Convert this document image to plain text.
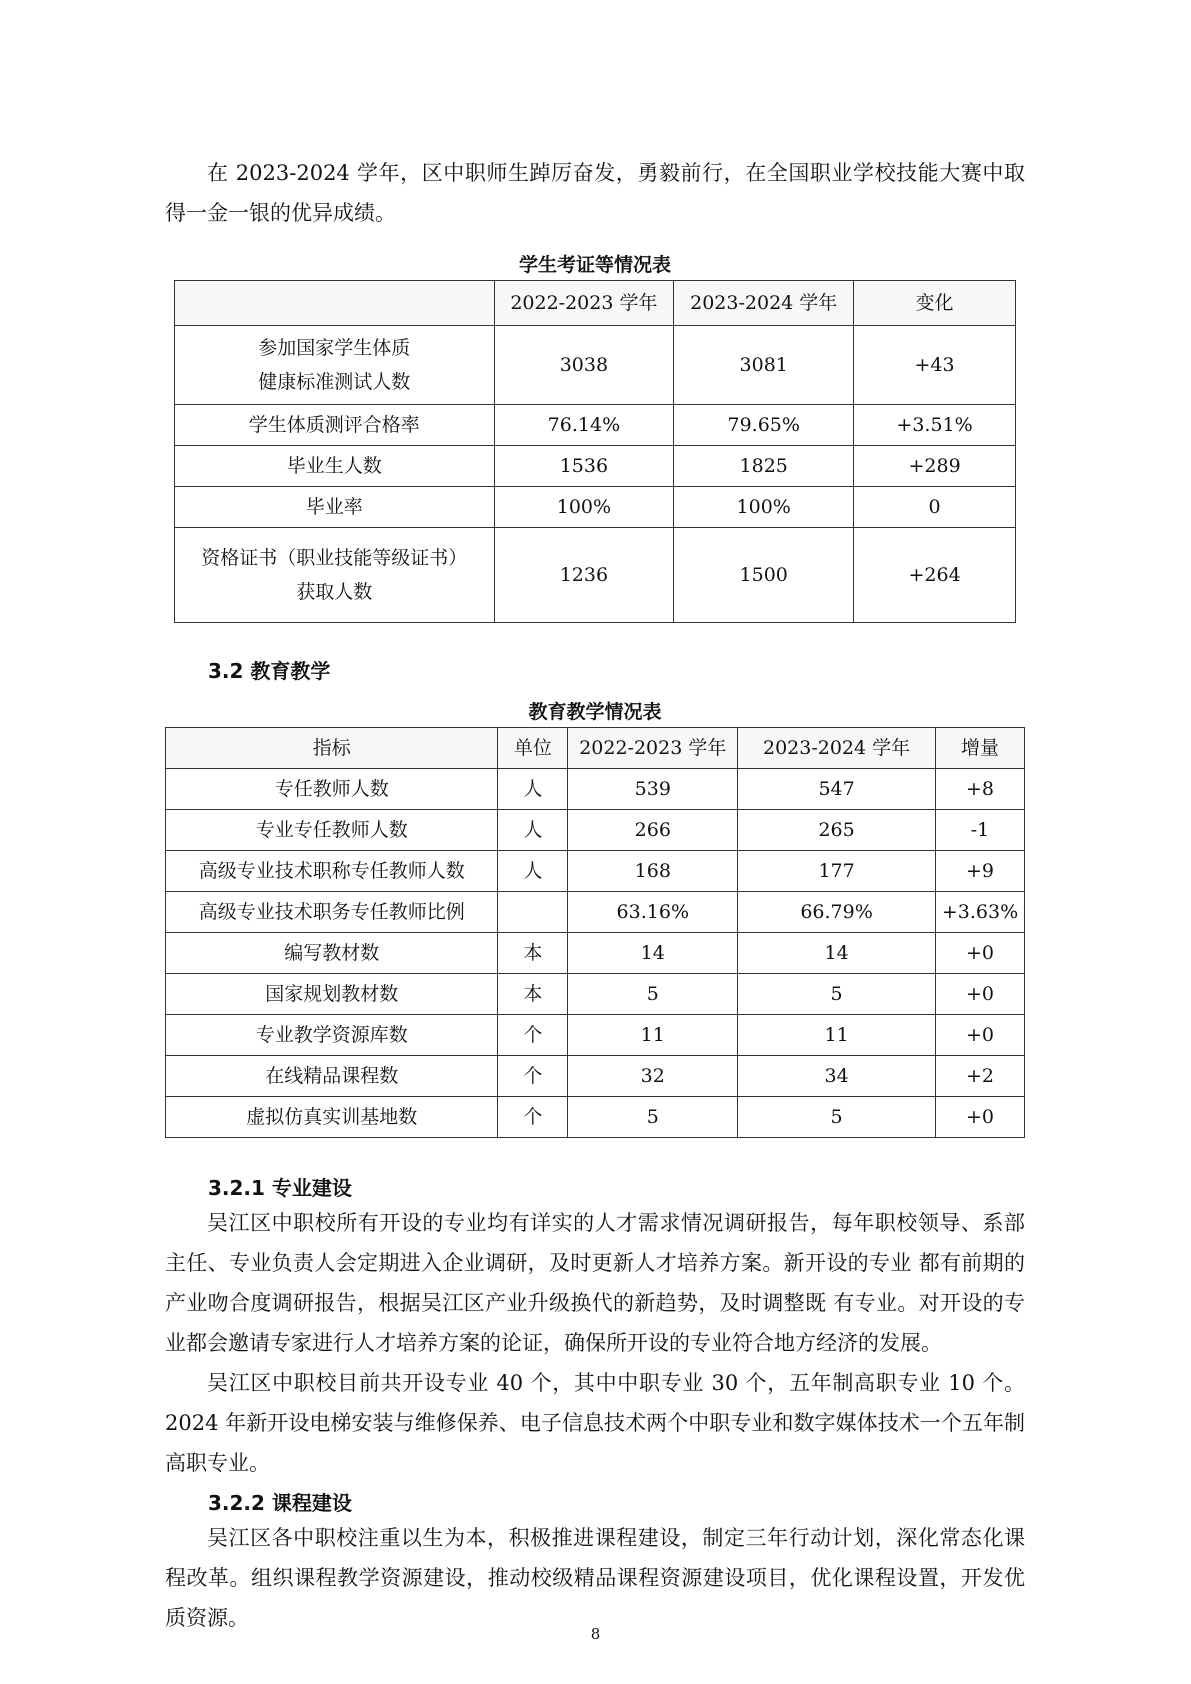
在 2023-2024 学年，区中职师生踔厉奋发，勇毅前行，在全国职业学校技能大赛中取得一金一银的优异成绩。

学生考证等情况表

	2022-2023 学年	2023-2024 学年	变化

参加国家学生体质
健康标准测试人数	3038	3081	+43
学生体质测评合格率	76.14%	79.65%	+3.51%
毕业生人数	1536	1825	+289
毕业率	100%	100%	0

资格证书（职业技能等级证书）
获取人数	1236	1500	+264

3.2 教育教学

教育教学情况表

指标	单位	2022-2023 学年	2023-2024 学年	增量
专任教师人数	人	539	547	+8
专业专任教师人数	人	266	265	-1
高级专业技术职称专任教师人数	人	168	177	+9
高级专业技术职务专任教师比例		63.16%	66.79%	+3.63%
编写教材数	本	14	14	+0
国家规划教材数	本	5	5	+0
专业教学资源库数	个	11	11	+0
在线精品课程数	个	32	34	+2
虚拟仿真实训基地数	个	5	5	+0

3.2.1 专业建设

吴江区中职校所有开设的专业均有详实的人才需求情况调研报告，每年职校领导、系部主任、专业负责人会定期进入企业调研，及时更新人才培养方案。新开设的专业 都有前期的产业吻合度调研报告，根据吴江区产业升级换代的新趋势，及时调整既 有专业。对开设的专业都会邀请专家进行人才培养方案的论证，确保所开设的专业符合地方经济的发展。

吴江区中职校目前共开设专业 40 个，其中中职专业 30 个，五年制高职专业 10 个。2024 年新开设电梯安装与维修保养、电子信息技术两个中职专业和数字媒体技术一个五年制高职专业。

3.2.2 课程建设

吴江区各中职校注重以生为本，积极推进课程建设，制定三年行动计划，深化常态化课程改革。组织课程教学资源建设，推动校级精品课程资源建设项目，优化课程设置，开发优质资源。

8
